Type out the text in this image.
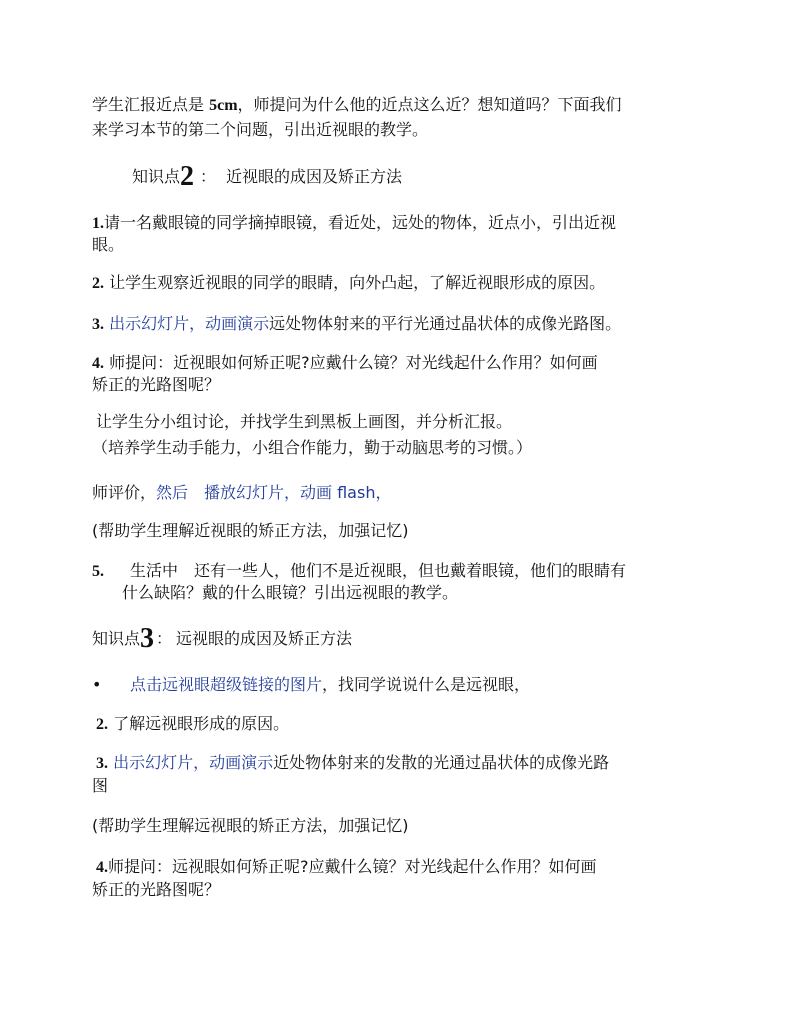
学生汇报近点是 5cm，师提问为什么他的近点这么近？想知道吗？下面我们
来学习本节的第二个问题，引出近视眼的教学。
知识点2 ： 近视眼的成因及矫正方法
1.请一名戴眼镜的同学摘掉眼镜，看近处，远处的物体，近点小，引出近视
眼。
2. 让学生观察近视眼的同学的眼睛，向外凸起，了解近视眼形成的原因。
3. 出示幻灯片，动画演示远处物体射来的平行光通过晶状体的成像光路图。
4. 师提问：近视眼如何矫正呢?应戴什么镜？对光线起什么作用？如何画
矫正的光路图呢？
让学生分小组讨论，并找学生到黑板上画图，并分析汇报。
（培养学生动手能力，小组合作能力，勤于动脑思考的习惯。）
师评价，然后　播放幻灯片，动画 flash，
(帮助学生理解近视眼的矫正方法，加强记忆)
5.　生活中　还有一些人，他们不是近视眼，但也戴着眼镜，他们的眼睛有
什么缺陷？戴的什么眼镜？引出远视眼的教学。
知识点3 ： 远视眼的成因及矫正方法
• 点击远视眼超级链接的图片，找同学说说什么是远视眼，
2. 了解远视眼形成的原因。
3. 出示幻灯片，动画演示近处物体射来的发散的光通过晶状体的成像光路
图
(帮助学生理解远视眼的矫正方法，加强记忆)
4.师提问：远视眼如何矫正呢?应戴什么镜？对光线起什么作用？如何画
矫正的光路图呢？
